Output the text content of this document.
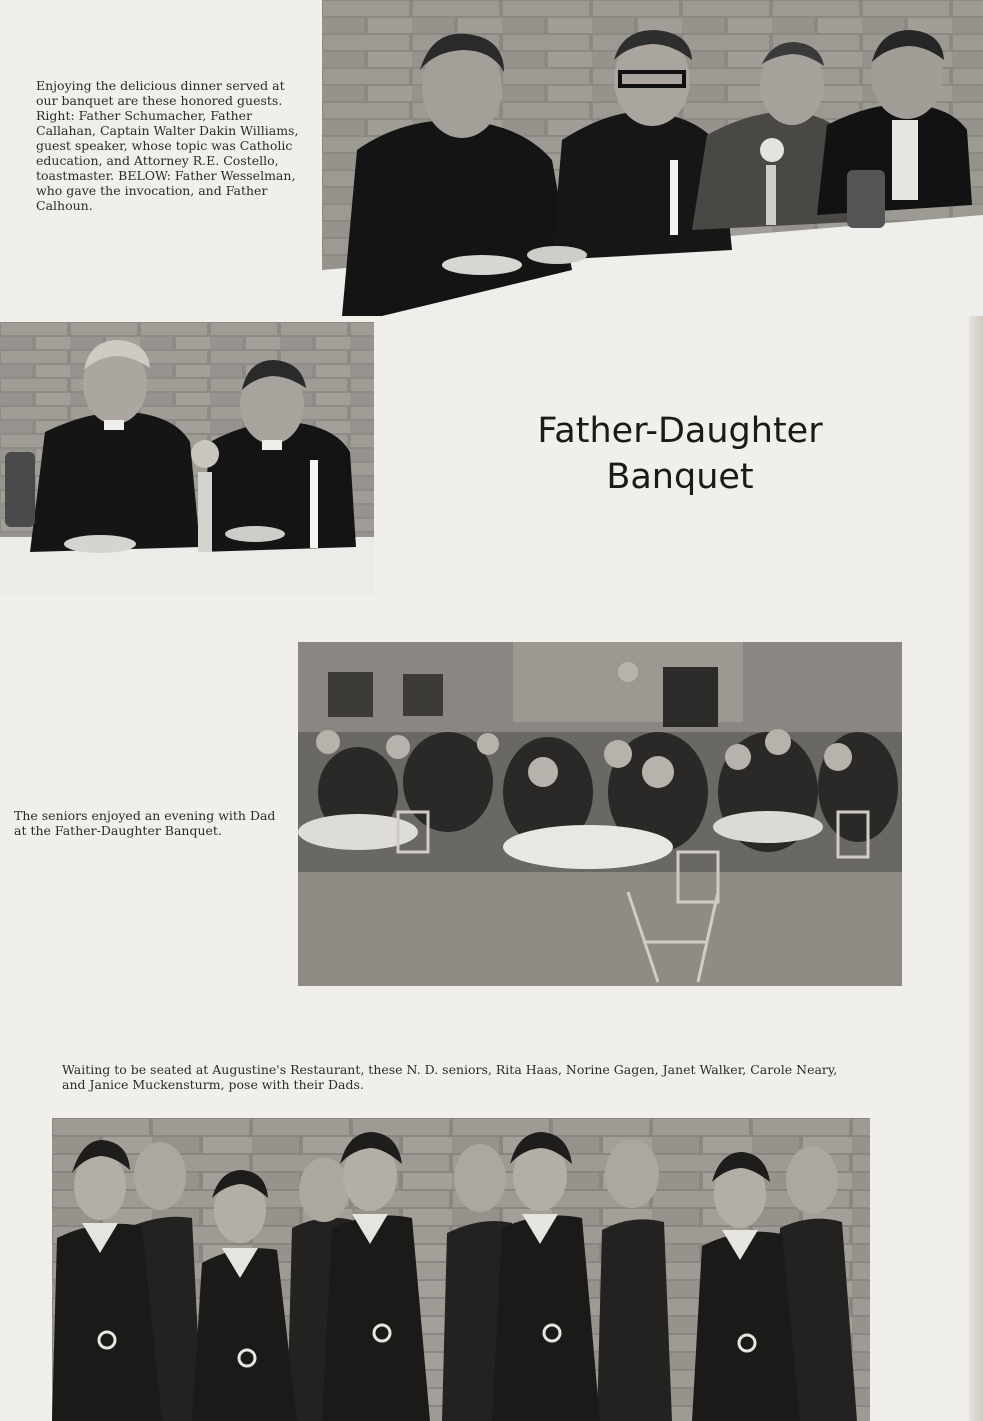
Enjoying the delicious dinner served at our banquet are these honored guests. Right: Father Schumacher, Father Callahan, Captain Walter Dakin Williams, guest speaker, whose topic was Catholic education, and Attorney R.E. Costello, toastmaster. BELOW: Father Wesselman, who gave the invocation, and Father Calhoun.

Father-Daughter
Banquet

The seniors enjoyed an evening with Dad at the Father-Daughter Banquet.

Waiting to be seated at Augustine's Restaurant, these N. D. seniors, Rita Haas, Norine Gagen, Janet Walker, Carole Neary, and Janice Muckensturm, pose with their Dads.
